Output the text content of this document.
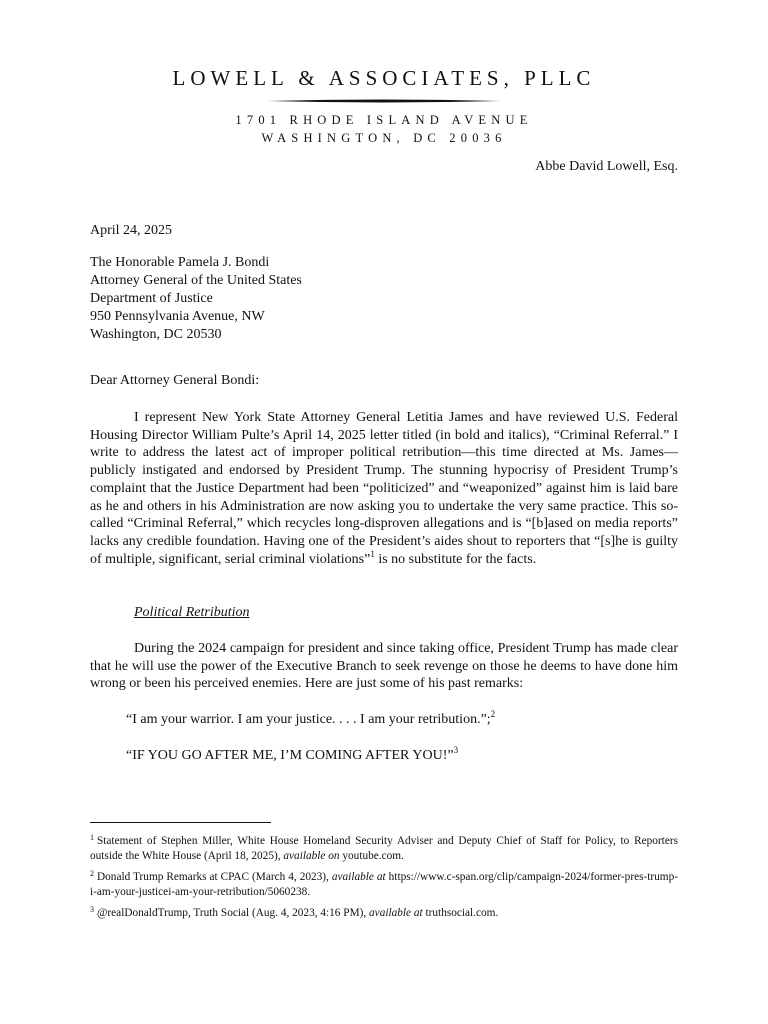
LOWELL & ASSOCIATES, PLLC
1701 RHODE ISLAND AVENUE
WASHINGTON, DC 20036
Abbe David Lowell, Esq.
April 24, 2025
The Honorable Pamela J. Bondi
Attorney General of the United States
Department of Justice
950 Pennsylvania Avenue, NW
Washington, DC 20530
Dear Attorney General Bondi:
I represent New York State Attorney General Letitia James and have reviewed U.S. Federal Housing Director William Pulte’s April 14, 2025 letter titled (in bold and italics), “Criminal Referral.” I write to address the latest act of improper political retribution—this time directed at Ms. James—publicly instigated and endorsed by President Trump. The stunning hypocrisy of President Trump’s complaint that the Justice Department had been “politicized” and “weaponized” against him is laid bare as he and others in his Administration are now asking you to undertake the very same practice. This so-called “Criminal Referral,” which recycles long-disproven allegations and is “[b]ased on media reports” lacks any credible foundation. Having one of the President’s aides shout to reporters that “[s]he is guilty of multiple, significant, serial criminal violations”$^1$ is no substitute for the facts.
Political Retribution
During the 2024 campaign for president and since taking office, President Trump has made clear that he will use the power of the Executive Branch to seek revenge on those he deems to have done him wrong or been his perceived enemies. Here are just some of his past remarks:
“I am your warrior. I am your justice. . . . I am your retribution.”;$^2$
“IF YOU GO AFTER ME, I’M COMING AFTER YOU!”$^3$
$^1$ Statement of Stephen Miller, White House Homeland Security Adviser and Deputy Chief of Staff for Policy, to Reporters outside the White House (April 18, 2025), available on youtube.com.
$^2$ Donald Trump Remarks at CPAC (March 4, 2023), available at https://www.c-span.org/clip/campaign-2024/former-pres-trump-i-am-your-justicei-am-your-retribution/5060238.
$^3$ @realDonaldTrump, Truth Social (Aug. 4, 2023, 4:16 PM), available at truthsocial.com.
